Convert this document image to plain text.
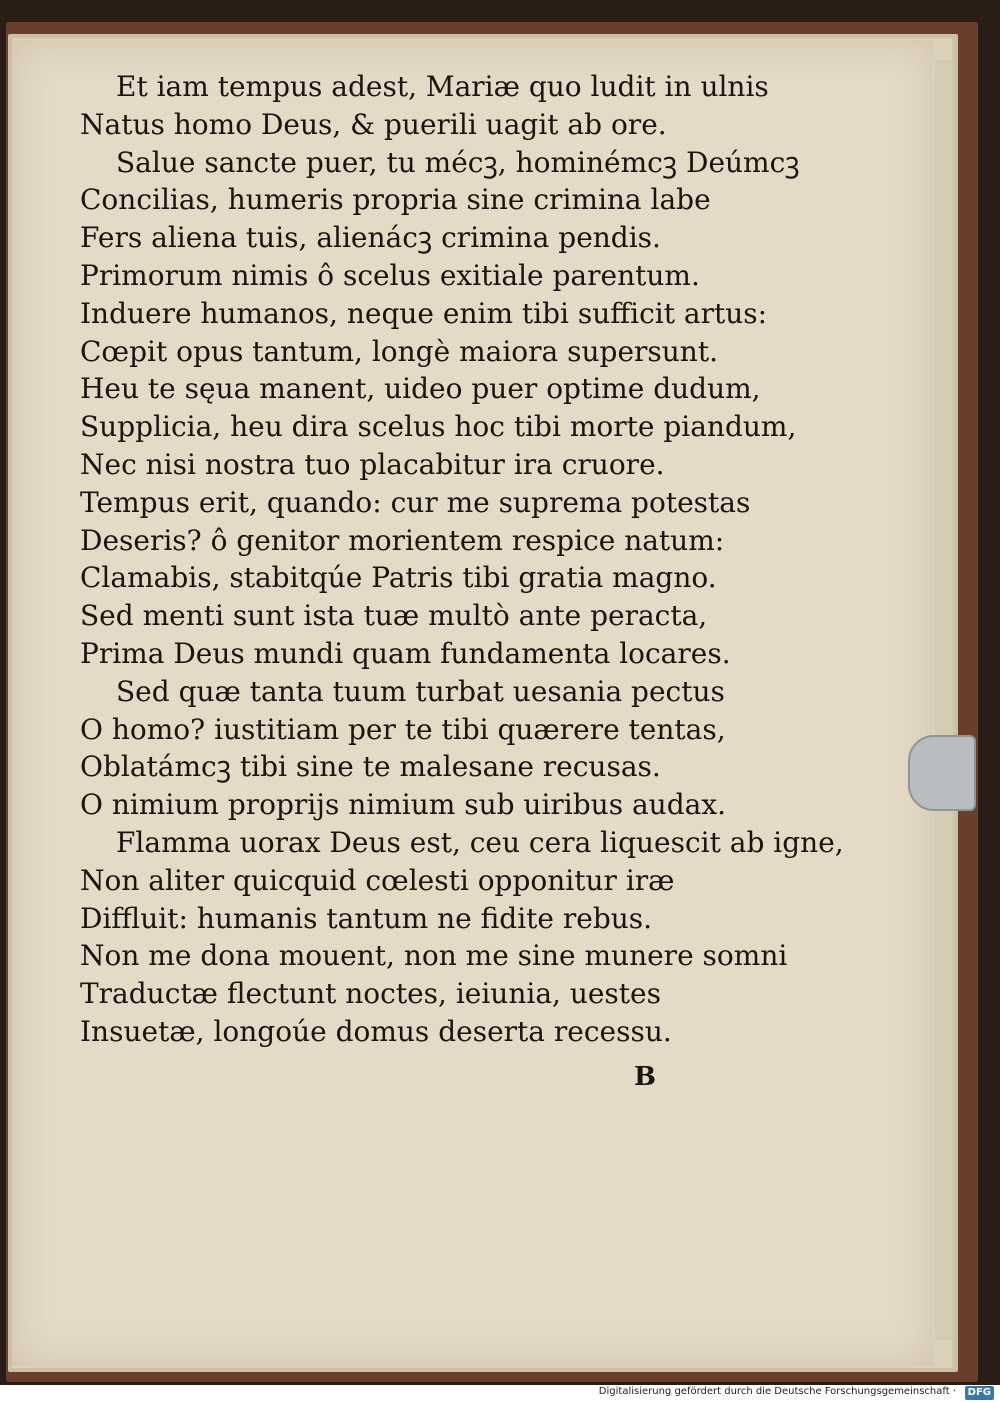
Et iam tempus adest, Mariæ quo ludit in ulnis
Natus homo Deus, & puerili uagit ab ore.
Salue sancte puer, tu mécꝫ, hominémcꝫ Deúmcꝫ
Concilias, humeris propria sine crimina labe
Fers aliena tuis, alienácꝫ crimina pendis.
Primorum nimis ô scelus exitiale parentum.
Induere humanos, neque enim tibi sufficit artus:
Cœpit opus tantum, longè maiora supersunt.
Heu te sęua manent, uideo puer optime dudum,
Supplicia, heu dira scelus hoc tibi morte piandum,
Nec nisi nostra tuo placabitur ira cruore.
Tempus erit, quando: cur me suprema potestas
Deseris? ô genitor morientem respice natum:
Clamabis, stabitqúe Patris tibi gratia magno.
Sed menti sunt ista tuæ multò ante peracta,
Prima Deus mundi quam fundamenta locares.
Sed quæ tanta tuum turbat uesania pectus
O homo? iustitiam per te tibi quærere tentas,
Oblatámcꝫ tibi sine te malesane recusas.
O nimium proprijs nimium sub uiribus audax.
Flamma uorax Deus est, ceu cera liquescit ab igne,
Non aliter quicquid cœlesti opponitur iræ
Diffluit: humanis tantum ne fidite rebus.
Non me dona mouent, non me sine munere somni
Traductæ flectunt noctes, ieiunia, uestes
Insuetæ, longoúe domus deserta recessu.
B
Digitalisierung gefördert durch die Deutsche Forschungsgemeinschaft ·	DFG
